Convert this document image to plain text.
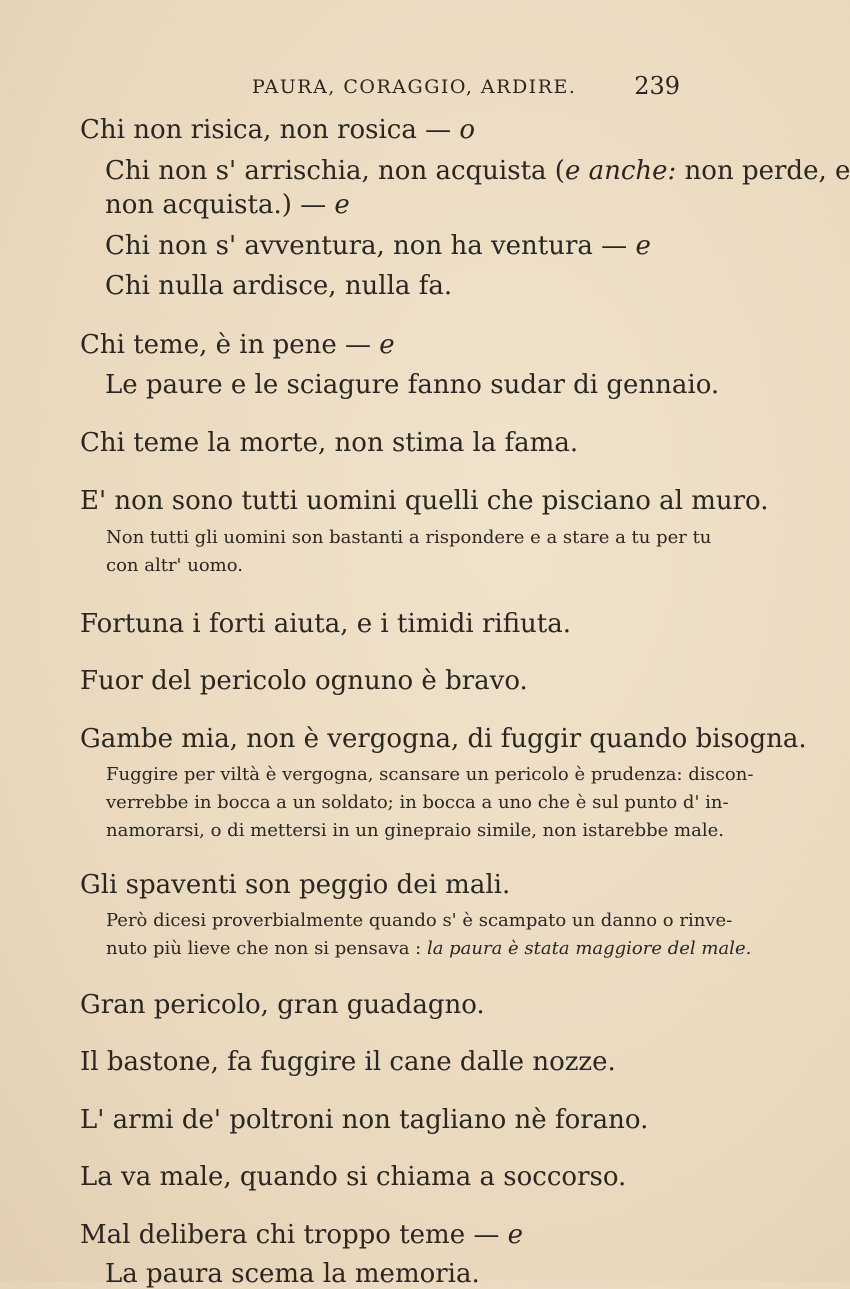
PAURA, CORAGGIO, ARDIRE. 239
Chi non risica, non rosica — o
Chi non s' arrischia, non acquista (e anche: non perde, e
non acquista.) — e
Chi non s' avventura, non ha ventura — e
Chi nulla ardisce, nulla fa.
Chi teme, è in pene — e
Le paure e le sciagure fanno sudar di gennaio.
Chi teme la morte, non stima la fama.
E' non sono tutti uomini quelli che pisciano al muro.
Non tutti gli uomini son bastanti a rispondere e a stare a tu per tu
con altr' uomo.
Fortuna i forti aiuta, e i timidi rifiuta.
Fuor del pericolo ognuno è bravo.
Gambe mia, non è vergogna, di fuggir quando bisogna.
Fuggire per viltà è vergogna, scansare un pericolo è prudenza: discon-
verrebbe in bocca a un soldato; in bocca a uno che è sul punto d' in-
namorarsi, o di mettersi in un ginepraio simile, non istarebbe male.
Gli spaventi son peggio dei mali.
Però dicesi proverbialmente quando s' è scampato un danno o rinve-
nuto più lieve che non si pensava : la paura è stata maggiore del male.
Gran pericolo, gran guadagno.
Il bastone, fa fuggire il cane dalle nozze.
L' armi de' poltroni non tagliano nè forano.
La va male, quando si chiama a soccorso.
Mal delibera chi troppo teme — e
La paura scema la memoria.
